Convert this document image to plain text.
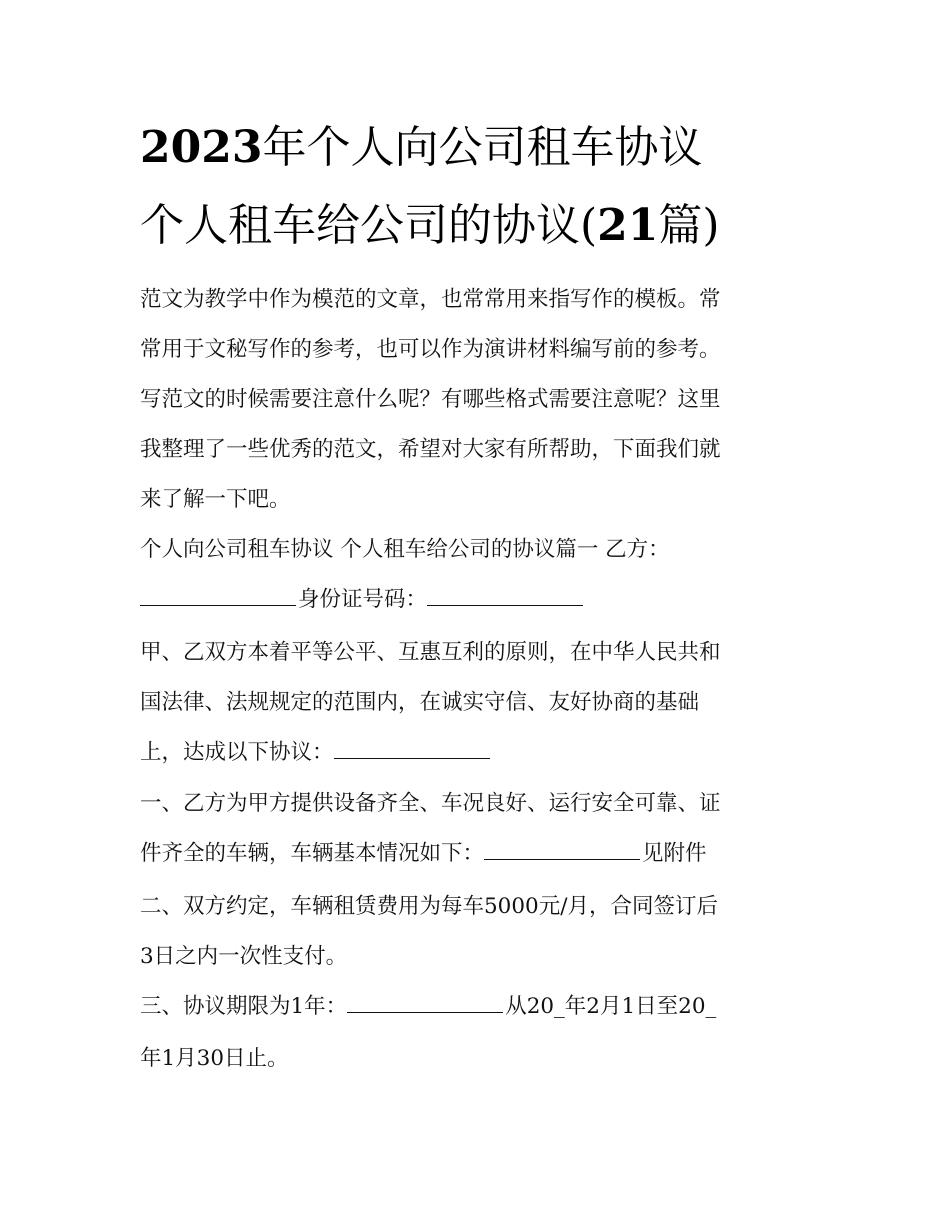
2023年个人向公司租车协议
个人租车给公司的协议(21篇)
范文为教学中作为模范的文章，也常常用来指写作的模板。常
常用于文秘写作的参考，也可以作为演讲材料编写前的参考。
写范文的时候需要注意什么呢？有哪些格式需要注意呢？这里
我整理了一些优秀的范文，希望对大家有所帮助，下面我们就
来了解一下吧。
个人向公司租车协议 个人租车给公司的协议篇一 乙方：
身份证号码：
甲、乙双方本着平等公平、互惠互利的原则，在中华人民共和
国法律、法规规定的范围内，在诚实守信、友好协商的基础
上，达成以下协议：
一、乙方为甲方提供设备齐全、车况良好、运行安全可靠、证
件齐全的车辆，车辆基本情况如下：	见附件
二、双方约定，车辆租赁费用为每车5000元/月，合同签订后
3日之内一次性支付。
三、协议期限为1年：	从20_年2月1日至20_
年1月30日止。
